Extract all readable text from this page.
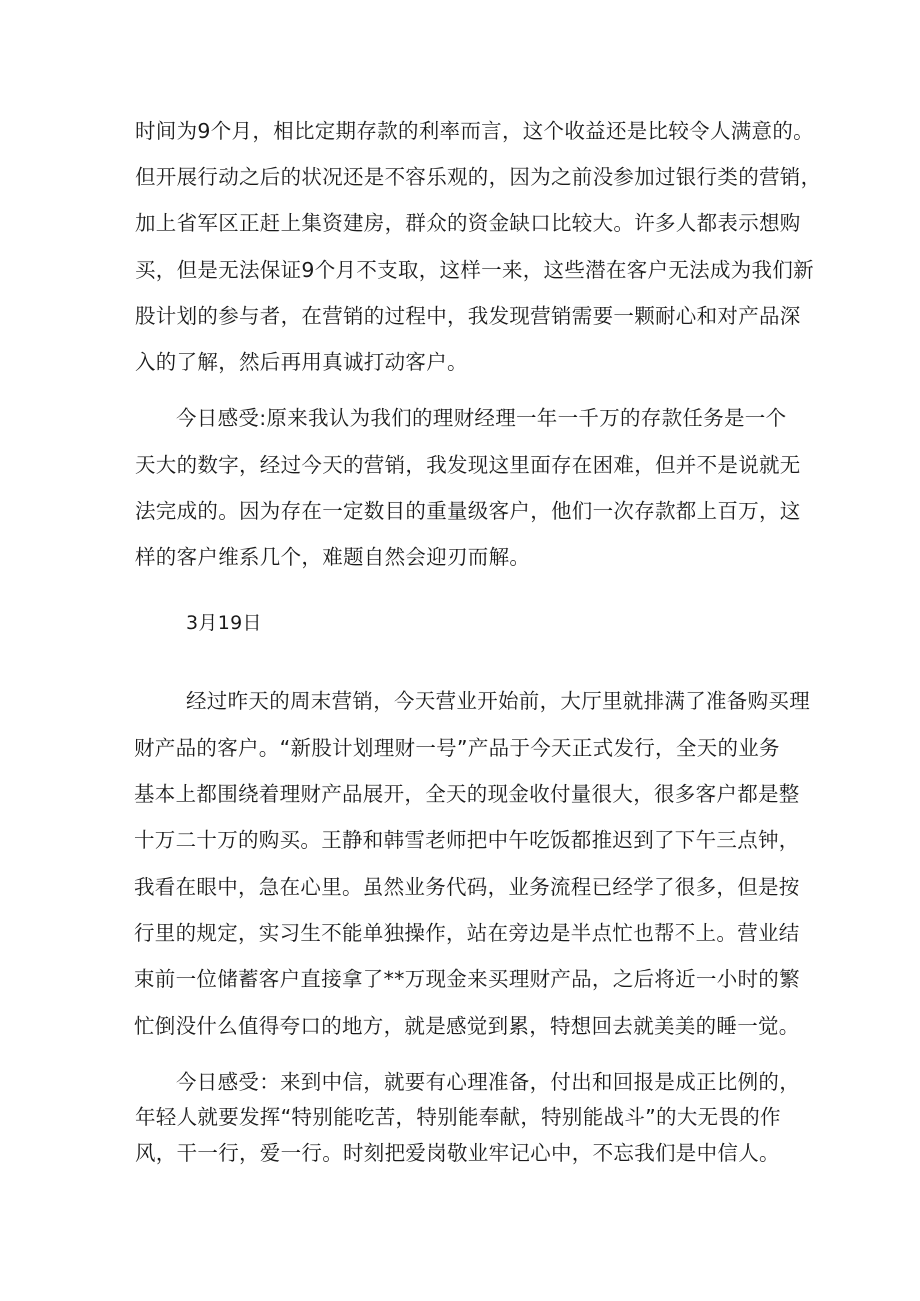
时间为9个月，相比定期存款的利率而言，这个收益还是比较令人满意的。

但开展行动之后的状况还是不容乐观的，因为之前没参加过银行类的营销，

加上省军区正赶上集资建房，群众的资金缺口比较大。许多人都表示想购

买，但是无法保证9个月不支取，这样一来，这些潜在客户无法成为我们新

股计划的参与者，在营销的过程中，我发现营销需要一颗耐心和对产品深

入的了解，然后再用真诚打动客户。

今日感受:原来我认为我们的理财经理一年一千万的存款任务是一个

天大的数字，经过今天的营销，我发现这里面存在困难，但并不是说就无

法完成的。因为存在一定数目的重量级客户，他们一次存款都上百万，这

样的客户维系几个，难题自然会迎刃而解。

3月19日

经过昨天的周末营销，今天营业开始前，大厅里就排满了准备购买理

财产品的客户。“新股计划理财一号”产品于今天正式发行，全天的业务

基本上都围绕着理财产品展开，全天的现金收付量很大，很多客户都是整

十万二十万的购买。王静和韩雪老师把中午吃饭都推迟到了下午三点钟，

我看在眼中，急在心里。虽然业务代码，业务流程已经学了很多，但是按

行里的规定，实习生不能单独操作，站在旁边是半点忙也帮不上。营业结

束前一位储蓄客户直接拿了**万现金来买理财产品，之后将近一小时的繁

忙倒没什么值得夸口的地方，就是感觉到累，特想回去就美美的睡一觉。

今日感受：来到中信，就要有心理准备，付出和回报是成正比例的，

年轻人就要发挥“特别能吃苦，特别能奉献，特别能战斗”的大无畏的作

风，干一行，爱一行。时刻把爱岗敬业牢记心中，不忘我们是中信人。
